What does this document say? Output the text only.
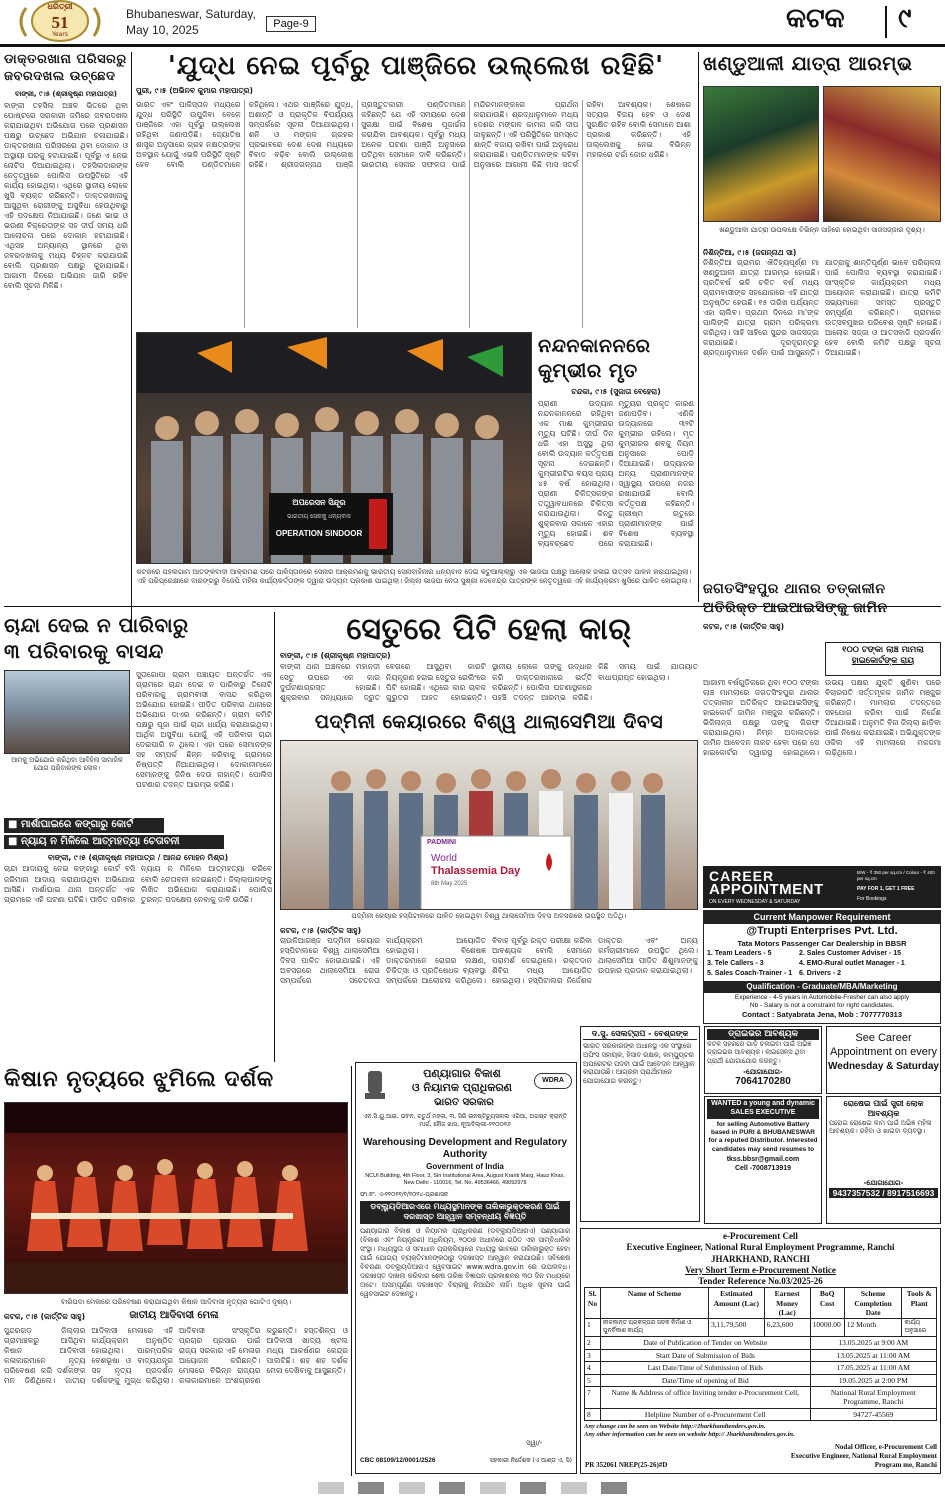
ଧରିତ୍ରୀ
51
Years
Bhubaneswar, Saturday,
May 10, 2025	Page-9	କଟକ ୯
ଡାକ୍ତରଖାନା ପରିସରରୁ ଜବରଦଖଲ ଉଚ୍ଛେଦ
ବାଙ୍କୀ, ୯।୫ (ଶ୍ରୀକୃଷ୍ଣ ମହାପାତ୍ର)
ବାଙ୍କୀ ତହସିଲ ଅଞ୍ଚଳ ଭିତରେ ଥିବା ପୋଷ୍ଟରେ ସରକାରୀ ଜମିରେ ଜବରଦଖଲ କରାଯାଇଥିବା ଅଭିଯୋଗ ପରେ ପ୍ରଶାସନ ପକ୍ଷରୁ ଉଚ୍ଛେଦ ଅଭିଯାନ ଚଳାଯାଇଛି। ଡାକ୍ତରଖାନା ପରିସରରେ ଥିବା ଦୋକାନ ଓ ଅସ୍ଥାୟୀ ଘରକୁ ହଟାଯାଇଛି। ପୂର୍ବରୁ ଏ ନେଇ ନୋଟିସ ଦିଆଯାଇଥିଲା। ତହସିଲଦାରଙ୍କ ନେତୃତ୍ୱରେ ପୋଲିସ ଉପସ୍ଥିତିରେ ଏହି କାର୍ଯ୍ୟ ହୋଇଥିଲା। ଏଥିରେ ସ୍ଥାନୀୟ ଲୋକେ ଖୁସି ବ୍ୟକ୍ତ କରିଛନ୍ତି। ଡାକ୍ତରଖାନାକୁ ଆସୁଥିବା ରୋଗୀଙ୍କୁ ଅସୁବିଧା ହେଉଥିବାରୁ ଏହି ପଦକ୍ଷେପ ନିଆଯାଇଛି। ଜଣେ ଭାଇ ଓ ଭଉଣୀ ବିକ୍ରେତାଙ୍କ ସହ ଦୀର୍ଘ ସମୟ ଧରି ଆଲୋଚନା ପରେ ଦୋକାନ ହଟାଯାଇଛି। ଏଥିସହ ଅନ୍ୟାନ୍ୟ ସ୍ଥାନରେ ଥିବା ଜବରଦଖଲକୁ ମଧ୍ୟ ଚିହ୍ନଟ କରାଯାଉଛି ବୋଲି ପ୍ରଶାସନ ପକ୍ଷରୁ କୁହାଯାଇଛି। ଆଗାମୀ ଦିନରେ ଅଭିଯାନ ଜାରି ରହିବ ବୋଲି ସୂଚନା ମିଳିଛି।
'ଯୁଦ୍ଧ ନେଇ ପୂର୍ବରୁ ପାଞ୍ଜିରେ ଉଲ୍ଲେଖ ରହିଛି'
ପୁରୀ, ୯।୫ (ଅଭିନବ କୁମାର ମହାପାତ୍ର)
ଭାରତ ଏବଂ ପାକିସ୍ତାନ ମଧ୍ୟରେ ଯୁଦ୍ଧ ପରିସ୍ଥିତି ଉପୁଜିବା ବେଳେ ପାଞ୍ଜିରେ ଏହା ପୂର୍ବରୁ ଉଲ୍ଲେଖ ରହିଥିବା ଜଣାପଡ଼ିଛି। ଜ୍ୟୋତିଷ ଶାସ୍ତ୍ର ଅନୁସାରେ ଗ୍ରହ ନକ୍ଷତ୍ରଙ୍କ ଅବସ୍ଥାନ ଯୋଗୁଁ ଏଭଳି ପରିସ୍ଥିତି ସୃଷ୍ଟି ହେବ ବୋଲି ପଣ୍ଡିତମାନେ କହିଥିଲେ। ଏଥର ପାଞ୍ଜିରେ ଯୁଦ୍ଧ, ଅଶାନ୍ତି ଓ ପ୍ରାକୃତିକ ବିପର୍ଯ୍ୟୟ ସମ୍ପର୍କରେ ସୂଚନା ଦିଆଯାଇଥିଲା। ଶନି ଓ ମଙ୍ଗଳ ଗ୍ରହର ପ୍ରଭାବରେ ଦେଶ ଦେଶ ମଧ୍ୟରେ ବିବାଦ ବଢ଼ିବ ବୋଲି ଉଲ୍ଲେଖ ରହିଛି। ଶ୍ରୀଜଗନ୍ନାଥ ପାଞ୍ଜି ପ୍ରସ୍ତୁତକାରୀ ପଣ୍ଡିତମାନେ କହିଛନ୍ତି ଯେ ଏହି ସମୟରେ ଦେଶ ସୁରକ୍ଷା ପାଇଁ ବିଶେଷ ପୂଜାର୍ଚ୍ଚନା କରାଯିବା ଆବଶ୍ୟକ। ପୂର୍ବରୁ ମଧ୍ୟ ଅନେକ ଘଟଣା ପାଞ୍ଜି ଅନୁସାରେ ଘଟିଥିବା ସେମାନେ ଦାବି କରିଛନ୍ତି। ଭାରତୀୟ ସେନାର ସଫଳତା ପାଇଁ ମନ୍ଦିରମାନଙ୍କରେ ପ୍ରାର୍ଥନା କରାଯାଉଛି। ଶ୍ରଦ୍ଧାଳୁମାନେ ମଧ୍ୟ ଦେଶର ମଙ୍ଗଳ କାମନା କରି ଦୀପ ଜାଳୁଛନ୍ତି। ଏହି ପରିସ୍ଥିତିରେ ସମସ୍ତେ ଶାନ୍ତି ବଜାୟ ରଖିବା ପାଇଁ ଅନୁରୋଧ କରାଯାଇଛି। ପଣ୍ଡିତମାନଙ୍କ କହିବା ଅନୁସାରେ ଆଗାମୀ କିଛି ମାସ ସତର୍କ ରହିବା ଆବଶ୍ୟକ। ଶେଷରେ ସତ୍ୟର ବିଜୟ ହେବ ଓ ଦେଶ ସୁରକ୍ଷିତ ରହିବ ବୋଲି ସେମାନେ ଆଶା ପ୍ରକାଶ କରିଛନ୍ତି। ଏହି ଉଲ୍ଲେଖକୁ ନେଇ ବିଭିନ୍ନ ମହଲରେ ଚର୍ଚ୍ଚା ଜୋର ଧରିଛି।
ଅପରେସନ ସିନ୍ଦୂର
ଭାରତୀୟ ସେନାକୁ ଧନ୍ୟବାଦ
OPERATION SINDOOR
କଟକରେ ପହଲଗାମ ଆତଙ୍କବାଦୀ ଆକ୍ରମଣ ପରେ ପାକିସ୍ତାନରେ ସେନାର ଆକ୍ରମଣକୁ ଭାରତୀୟ ସେନାବାହିନୀର ଧନ୍ୟବାଦ ଦେଇ କଟୁଆଲ୍ଲାରୁ ଏକ ଭାଜପା ପକ୍ଷରୁ ଆଲୋକ ଜଳାଇ ଉତ୍ସବ ପାଳନ କରାଯାଇଥିଲା। ଏହି ପରିପ୍ରେକ୍ଷୀରେ ବାରଙ୍ଗରୁ ବିଜେପି ମହିଳା କାର୍ଯ୍ୟକର୍ତ୍ତାଙ୍କ ଦ୍ୱାରା ଉଦ୍ୟମ ପ୍ରକାଶ ପାଇଥିଲା। ଜିଲ୍ଲା ଭାଜପା ନେତା ସୁଶ୍ରୀ ଦେବେନ୍ଦ୍ର ପାତ୍ରଙ୍କ ନେତୃତ୍ୱରେ ଏହି କାର୍ଯ୍ୟକ୍ରମ ଖୁସିରେ ପାଳିତ ହୋଇଥିଲା।
ନନ୍ଦନକାନନରେ
କୁମ୍ଭୀର ମୃତ
ଚନ୍ଦକା, ୯।୫ (ସୁଜାତା ବେହେରା)
ପ୍ରାଣୀ ଉଦ୍ୟାନ ନନ୍ଦନକାନନରେ ରହିଥିବା ଏକ ମାଈ କୁମ୍ଭୀରର ମୃତ୍ୟୁ ଘଟିଛି। ଦୀର୍ଘ ଦିନ ଧରି ଏହା ଅସୁସ୍ଥ ଥିଲା ବୋଲି ଉଦ୍ୟାନ କର୍ତ୍ତୃପକ୍ଷ ସୂଚନା ଦେଇଛନ୍ତି। କୁମ୍ଭୀରଟିର ବୟସ ପ୍ରାୟ ୪୫ ବର୍ଷ ହୋଇଥିଲା। ପ୍ରାଣୀ ଚିକିତ୍ସକଙ୍କ ତତ୍ତ୍ୱାବଧାନରେ ଚିକିତ୍ସା କରାଯାଉଥିଲା। କିନ୍ତୁ ଶୁକ୍ରବାର ସକାଳେ ଏହାର ମୃତ୍ୟୁ ହୋଇଛି। ଶବ ବ୍ୟବଚ୍ଛେଦ ପରେ ମୃତ୍ୟୁର ପ୍ରକୃତ କାରଣ ଜଣାପଡ଼ିବ। ଏଣିକି ଉଦ୍ୟାନରେ ୩୨ଟି କୁମ୍ଭୀର ରହିଲେ। ମୃତ କୁମ୍ଭୀରର ଶବକୁ ନିୟମ ଅନୁସାରେ ପୋଡ଼ି ଦିଆଯାଇଛି। ଉଦ୍ୟାନର ଅନ୍ୟ ପ୍ରାଣୀମାନଙ୍କ ସ୍ୱାସ୍ଥ୍ୟ ଉପରେ ନଜର ରଖାଯାଉଛି ବୋଲି କର୍ତ୍ତୃପକ୍ଷ କହିଛନ୍ତି। ଗ୍ରୀଷ୍ମ ଋତୁରେ ପ୍ରାଣୀମାନଙ୍କ ପାଇଁ ବିଶେଷ ବ୍ୟବସ୍ଥା କରାଯାଇଛି।
ଖଣ୍ଡୁଆଳୀ ଯାତ୍ରା ଆରମ୍ଭ
ଖଣ୍ଡୁଆଳୀ ଯାତ୍ରା ଉପଲକ୍ଷେ ବିଭିନ୍ନ ସାହିରେ ହୋଇଥିବା ସାଜସଜ୍ଜାର ଦୃଶ୍ୟ।
ନିଶିନ୍ତିଆ, ୯।୫ (ଜଗନ୍ନାଥ ସା)
ନିଶିନ୍ତିଆ ଗ୍ରାମର ଐତିହ୍ୟପୂର୍ଣ୍ଣ ମା ଖଣ୍ଡୁଆଳୀ ଯାତ୍ରା ଆରମ୍ଭ ହୋଇଛି। ପ୍ରତିବର୍ଷ ଭଳି ଚଳିତ ବର୍ଷ ମଧ୍ୟ ଗ୍ରାମବାସୀଙ୍କ ସହଯୋଗରେ ଏହି ଯାତ୍ରା ଅନୁଷ୍ଠିତ ହେଉଛି। ୧୫ ତାରିଖ ପର୍ଯ୍ୟନ୍ତ ଏହା ଚାଲିବ। ପ୍ରଥମ ଦିନରେ ମା'ଙ୍କ ପାଲିଙ୍କି ଯାତ୍ରା ଗ୍ରାମ ପରିକ୍ରମା କରିଥିଲା। ସାହି ସାହିରେ ସୁନ୍ଦର ସାଜସଜ୍ଜା କରାଯାଇଛି। ଦୂରଦୂରାନ୍ତରୁ ଶ୍ରଦ୍ଧାଳୁମାନେ ଦର୍ଶନ ପାଇଁ ଆସୁଛନ୍ତି। ଯାତ୍ରାକୁ ଶାନ୍ତିପୂର୍ଣ୍ଣ ଭାବେ ପରିଚାଳନା ପାଇଁ ପୋଲିସ ବ୍ୟବସ୍ଥା କରାଯାଇଛି। ସାଂସ୍କୃତିକ କାର୍ଯ୍ୟକ୍ରମ ମଧ୍ୟ ଆୟୋଜନ କରାଯାଇଛି। ଯାତ୍ରା କମିଟି ସଭ୍ୟମାନେ ସମସ୍ତ ପ୍ରସ୍ତୁତି ସମ୍ପୂର୍ଣ୍ଣ କରିଛନ୍ତି। ଗ୍ରାମରେ ଉତ୍ସବମୁଖର ପରିବେଶ ସୃଷ୍ଟି ହୋଇଛି। ଆଲୋକ ସଜ୍ଜା ଓ ଆତସବାଜି ପ୍ରଦର୍ଶନ ହେବ ବୋଲି କମିଟି ପକ୍ଷରୁ ସୂଚନା ଦିଆଯାଇଛି।
ଜଗତସିଂହପୁର ଥାନାର ତତ୍କାଳୀନ
ଅତିରିକ୍ତ ଆଇଆଇସିଙ୍କୁ ଜାମିନ
କଟକ, ୯।୫ (କାର୍ତ୍ତିକ ସାହୁ)
୧୦୦ ଟଙ୍କା ଲାଞ୍ଚ ମାମଲା
ହାଇକୋର୍ଟଙ୍କ ରାୟ
ଆଗାମୀ ବର୍ଷଗୁଡ଼ିକରେ ଥିବା ୧୦୦ ଟଙ୍କା ଲାଞ୍ଚ ମାମଲାରେ ଜଗତସିଂହପୁର ଥାନାର ତତ୍କାଳୀନ ଅତିରିକ୍ତ ଆଇଆଇସିଙ୍କୁ ହାଇକୋର୍ଟ ଜାମିନ ମଞ୍ଜୁର କରିଛନ୍ତି। ଭିଜିଲାନ୍ସ ପକ୍ଷରୁ ତାଙ୍କୁ ଗିରଫ କରାଯାଇଥିଲା। ନିମ୍ନ ଅଦାଲତରେ ଜାମିନ ଆବେଦନ ନାକଚ ହେବା ପରେ ସେ ହାଇକୋର୍ଟର ଦ୍ୱାରସ୍ଥ ହୋଇଥିଲେ। ଉଭୟ ପକ୍ଷର ଯୁକ୍ତି ଶୁଣିବା ପରେ ବିଚାରପତି ସର୍ତ୍ତମୂଳକ ଜାମିନ ମଞ୍ଜୁର କରିଛନ୍ତି। ମାମଲାର ତଦନ୍ତରେ ସହଯୋଗ କରିବା ପାଇଁ ନିର୍ଦ୍ଦେଶ ଦିଆଯାଇଛି। ଅନୁମତି ବିନା ଜିଲ୍ଲା ଛାଡ଼ିବା ପାଇଁ ନିଷେଧ କରାଯାଇଛି। ଅଭିଯୁକ୍ତଙ୍କ ଓକିଲ ଏହି ମାମଲାରେ ମକଦ୍ଦମା ଲଢ଼ିଥିଲେ।
ଚାନ୍ଦା ଦେଇ ନ ପାରିବାରୁ
୩ ପରିବାରକୁ ବାସନ୍ଦ
ଆମକୁ ଅଭିଯୋଗ କରିଥିବା ଆବିହିଲା ସାମାଜିକ ଯୋଗ ପରିବାରଙ୍କ ଲୋକ।
ସୁତାଗୋପା ଗ୍ରାମ ପଞ୍ଚାୟତ ଅନ୍ତର୍ଗତ ଏକ ଗ୍ରାମରେ ଚାନ୍ଦା ଦେଇ ନ ପାରିବାରୁ ତିନୋଟି ପରିବାରକୁ ଗ୍ରାମବାସୀ ବାସନ୍ଦ କରିଥିବା ଅଭିଯୋଗ ହୋଇଛି। ପୀଡ଼ିତ ପରିବାର ଥାନାରେ ଅଭିଯୋଗ ଦାଏର କରିଛନ୍ତି। ଗ୍ରାମ କମିଟି ପକ୍ଷରୁ ପୂଜା ପାଇଁ ଚାନ୍ଦା ଧାର୍ଯ୍ୟ କରାଯାଇଥିଲା। ଆର୍ଥିକ ଅସୁବିଧା ଯୋଗୁଁ ଏହି ପରିବାର ଚାନ୍ଦା ଦେଇପାରି ନ ଥିଲେ। ଏହା ପରେ ସେମାନଙ୍କ ସହ ସମ୍ପର୍କ ଛିନ୍ନ କରିବାକୁ ଗ୍ରାମରେ ନିଷ୍ପତ୍ତି ନିଆଯାଇଥିଲା। ଦୋକାନୀମାନେ ସେମାନଙ୍କୁ ଜିନିଷ ଦେଉ ନାହାନ୍ତି। ପୋଲିସ ଘଟଣାର ତଦନ୍ତ ଆରମ୍ଭ କରିଛି।
■ ମାର୍ଶାଘାଇରେ କଙ୍ଗାରୁ କୋର୍ଟ
■ ନ୍ୟାୟ ନ ମିଳିଲେ ଆତ୍ମହତ୍ୟା ଚେତାବନୀ
ବାଙ୍କୀ, ୯।୫ (ଶ୍ରୀକୃଷ୍ଣ ମହାପାତ୍ର / ଆନନ୍ଦ ମୋହନ ମିଶ୍ର)
ଚାନ୍ଦା ଆଦାୟକୁ ନେଇ କଙ୍ଗାରୁ କୋର୍ଟ ବସି ଜରିମାନା ଆଦାୟ କରାଯାଉଥିବା ଅଭିଯୋଗ ଆସିଛି। ମାର୍ଶାଘାଇ ଥାନା ଅନ୍ତର୍ଗତ ଏକ ଗ୍ରାମରେ ଏହି ଘଟଣା ଘଟିଛି। ପୀଡ଼ିତ ପରିବାର ନ୍ୟାୟ ନ ମିଳିଲେ ଆତ୍ମହତ୍ୟା କରିବେ ବୋଲି ଚେତାବନୀ ଦେଇଛନ୍ତି। ଜିଲ୍ଲାପାଳଙ୍କୁ ଲିଖିତ ଅଭିଯୋଗ କରାଯାଇଛି। ପୋଲିସ ତୁରନ୍ତ ପଦକ୍ଷେପ ନେବାକୁ ଦାବି ଉଠିଛି।
ସେତୁରେ ପିଟି ହେଲା କାର୍
ବାଙ୍କୀ, ୯।୫ (ଶ୍ରୀକୃଷ୍ଣ ମହାପାତ୍ର)
ବାଙ୍କୀ ଥାନା ଅଞ୍ଚଳରେ ମହାନଦୀ ସେତୁ ଉପରେ ଏକ କାର ଦୁର୍ଘଟଣାଗ୍ରସ୍ତ ହୋଇଛି। ଶୁକ୍ରବାର ସନ୍ଧ୍ୟାରେ ଦ୍ରୁତ ବେଗରେ ଆସୁଥିବା କାରଟି ନିୟନ୍ତ୍ରଣ ହରାଇ ସେତୁର ରେଲିଂରେ ପିଟି ହୋଇଛି। ଏଥିରେ କାର ଚାଳକ ଗୁରୁତର ଆହତ ହୋଇଛନ୍ତି। ସ୍ଥାନୀୟ ଲୋକେ ତାଙ୍କୁ ଉଦ୍ଧାର କରି ଡାକ୍ତରଖାନାରେ ଭର୍ତ୍ତି କରିଛନ୍ତି। ପୋଲିସ ଘଟଣାସ୍ଥଳରେ ପହଞ୍ଚି ତଦନ୍ତ ଆରମ୍ଭ କରିଛି। କିଛି ସମୟ ପାଇଁ ଯାତାୟାତ ବାଧାପ୍ରାପ୍ତ ହୋଇଥିଲା।
ପଦ୍ମିନୀ କେୟାରରେ ବିଶ୍ୱ ଥାଲାସେମିଆ ଦିବସ
PADMINI
World
Thalassemia Day
8th May 2025
ପଦ୍ମିନୀ କେୟାର ହସ୍ପିଟାଲରେ ପାଳିତ ହୋଇଥିବା ବିଶ୍ୱ ଥାଲାସେମିଆ ଦିବସ ଅବସରରେ ଉପସ୍ଥିତ ଅତିଥି।
କଟକ, ୯।୫ (କାର୍ତ୍ତିକ ସାହୁ)
ଚାଉଳିଆଗଞ୍ଜ ପଦ୍ମିନୀ କେୟାର ହସ୍ପିଟାଲରେ ବିଶ୍ୱ ଥାଲାସେମିଆ ଦିବସ ପାଳିତ ହୋଇଯାଇଛି। ଏହି ଅବସରରେ ଥାଲାସେମିଆ ରୋଗ ସମ୍ପର୍କରେ ସଚେତନତା କାର୍ଯ୍ୟକ୍ରମ ଆୟୋଜିତ ହୋଇଥିଲା। ବିଶେଷଜ୍ଞ ଡାକ୍ତରମାନେ ରୋଗର ଲକ୍ଷଣ, ଚିକିତ୍ସା ଓ ପ୍ରତିଷେଧକ ବ୍ୟବସ୍ଥା ସମ୍ପର୍କରେ ଆଲୋଚନା କରିଥିଲେ। ବିବାହ ପୂର୍ବରୁ ରକ୍ତ ପରୀକ୍ଷା କରିବା ଆବଶ୍ୟକ ବୋଲି ସେମାନେ ପରାମର୍ଶ ଦେଇଥିଲେ। ରକ୍ତଦାନ ଶିବିର ମଧ୍ୟ ଆୟୋଜିତ ହୋଇଥିଲା। ହସ୍ପିଟାଲର ନିର୍ଦ୍ଦେଶକ ଡାକ୍ତର ଏବଂ ଅନ୍ୟ କର୍ମଚାରୀମାନେ ଉପସ୍ଥିତ ଥିଲେ। ଥାଲାସେମିଆ ପୀଡ଼ିତ ଶିଶୁମାନଙ୍କୁ ଉପହାର ପ୍ରଦାନ କରାଯାଇଥିଲା।
CAREER
APPOINTMENT
ON EVERY WEDNESDAY & SATURDAY
B/W - ₹ 350 per sq.cm / Colour - ₹ 400 per sq.cm
PAY FOR 1, GET 1 FREE
For Bookings
Current Manpower Requirement
@Trupti Enterprises Pvt. Ltd.
Tata Motors Passenger Car Dealership in BBSR
1. Team Leaders - 5	2. Sales Customer Adviser - 15
3. Tele Callers - 3	4. EMO-Rural outlet Manager - 1
5. Sales Coach-Trainer - 1 6. Drivers - 2
Qualification - Graduate/MBA/Marketing
Experience - 4-5 years in Automobile-Fresher can also apply
Nb - Salary is not a constraint for right candidates.
Contact : Satyabrata Jena, Mob : 7077770313
ଦ.ସୁ. ସେଲଟ୍ରାପ - ବେଶ୍ରଙ୍କ
ଭାରତ ସରକାରଙ୍କ ଅଧୀନସ୍ଥ ଏକ ସଂସ୍ଥାରେ ଅଫିସ ସହାୟକ, ହିସାବ ରକ୍ଷକ, କମ୍ପ୍ୟୁଟର ଅପରେଟର ପଦବୀ ପାଇଁ ଆବେଦନ ଆହ୍ୱାନ କରାଯାଉଛି। ଆଗ୍ରହୀ ପ୍ରାର୍ଥୀମାନେ ଯୋଗାଯୋଗ କରନ୍ତୁ।
ଡ୍ରାଇଭର ଆବଶ୍ୟକ
କଟକ ସହରରେ ଗାଡ଼ି ଚଳାଇବା ପାଇଁ ଅଭିଜ୍ଞ ଡ୍ରାଇଭର ଆବଶ୍ୟକ। ଲାଇସେନ୍ସ ଥିବା ପ୍ରାର୍ଥୀ ଯୋଗାଯୋଗ କରନ୍ତୁ।
-ଯୋଗାଯୋଗ-
7064170280
See Career Appointment on every
Wednesday & Saturday
WANTED a young and dynamic SALES EXECUTIVE
for selling Automotive Battery based in PURI & BHUBANESWAR for a reputed Distributor. Interested candidates may send resumes to
tkss.bbsr@gmail.com
Cell -7008713919
ରୋଷେଇ ପାଇଁ ସ୍ତ୍ରୀ ଲୋକ ଆବଶ୍ୟକ
ଘରୋଇ ରୋଷେଇ କାମ ପାଇଁ ଅଭିଜ୍ଞ ମହିଳା ଆବଶ୍ୟକ। ରହିବା ଓ ଖାଇବା ବ୍ୟବସ୍ଥା।
-ଯୋଗାଯୋଗ-
9437357532 / 8917516693
କିଷାନ ନୃତ୍ୟରେ ଝୁମିଲେ ଦର୍ଶକ
ବାରିପଦା ମେଳାରେ ପରିବେଷଣ କରାଯାଇଥିବା କିଷାନ ଆଦିବାସୀ ନୃତ୍ୟର ଗୋଟିଏ ଦୃଶ୍ୟ।
କଟକ, ୯।୫ (କାର୍ତ୍ତିକ ସାହୁ)	ଜାତୀୟ ଆଦିବାସୀ ମେଳା
ସୁନ୍ଦରଗଡ଼ ଜିଲ୍ଲାର ଗ୍ରାମାଞ୍ଚଳରୁ ଆସିଥିବା କିଷାନ ଆଦିବାସୀ କଳାକାରମାନେ ନୃତ୍ୟ ପରିବେଷଣ କରି ଦର୍ଶକଙ୍କ ମନ ଜିଣିଥିଲେ। ଜାତୀୟ ଆଦିବାସୀ ମେଳାରେ ଏହି କାର୍ଯ୍ୟକ୍ରମ ଅନୁଷ୍ଠିତ ହୋଇଥିଲା। ପାରମ୍ପରିକ ବେଶଭୂଷା ଓ ବାଦ୍ୟଯନ୍ତ୍ର ସହ ନୃତ୍ୟ ପ୍ରଦର୍ଶନ ଦର୍ଶକଙ୍କୁ ମୁଗ୍ଧ କରିଥିଲା। ଆଦିବାସୀ ସଂସ୍କୃତିର ପ୍ରଚାର ପ୍ରସାର ପାଇଁ ରାଜ୍ୟ ସରକାର ଏହି ମେଳାର ଆୟୋଜନ କରିଛନ୍ତି। ମେଳାରେ ବିଭିନ୍ନ ରାଜ୍ୟର କଳାକାରମାନେ ଅଂଶଗ୍ରହଣ କରୁଛନ୍ତି। ହସ୍ତଶିଳ୍ପ ଓ ଆଦିବାସୀ ଖାଦ୍ୟ ଷ୍ଟଲ ମଧ୍ୟ ଆକର୍ଷଣର କେନ୍ଦ୍ର ପାଲଟିଛି। ଶହ ଶହ ଦର୍ଶକ ମେଳା ଦେଖିବାକୁ ଆସୁଛନ୍ତି।
WDRA
ପଣ୍ୟାଗାର ବିକାଶ
ଓ ନିୟାମକ ପ୍ରାଧିକରଣ
ଭାରତ ସରକାର
ଏନ.ସି.ୟୁ.ଆଇ. ଭବନ, ଚତୁର୍ଥ ମହଲା, ୩, ସିରି ଇନଷ୍ଟିଚ୍ୟୁସନାଲ ଏରିଆ, ଅଗଷ୍ଟ କ୍ରାନ୍ତି ମାର୍ଗ, ହୌଜ ଖାସ, ନୂଆଦିଲ୍ଲୀ-୧୧୦୦୧୬
Warehousing Development and Regulatory Authority
Government of India
NCUI Building, 4th Floor, 3, Siri Institutional Area, August Kranti Marg, Hauz Khas, New Delhi - 110016, Tel. No. 49536466, 49092978
ଫା.ନଂ. ଏ-୧୧୦୧୧/୧/୨୦୨୪-ପ୍ରଶାସନ
ଡବ୍ଲ୍ୟୁଡିଆରଏରେ ମଧ୍ୟସ୍ଥମାନଙ୍କ ତାଲିକାଭୁକ୍ତକରଣ ପାଇଁ ଦରଖାସ୍ତ ଆହ୍ୱାନ ସମ୍ବନ୍ଧୀୟ ବିଜ୍ଞପ୍ତି
ପଣ୍ୟାଗାର ବିକାଶ ଓ ନିୟାମକ ପ୍ରାଧିକରଣ (ଡବ୍ଲ୍ୟୁଡିଆରଏ) ପଣ୍ୟାଗାର (ବିକାଶ ଏବଂ ନିୟନ୍ତ୍ରଣ) ଅଧିନିୟମ, ୨୦୦୭ ଅଧୀନରେ ଗଠିତ ଏକ ସାମ୍ବିଧାନିକ ସଂସ୍ଥା। ମଧ୍ୟସ୍ଥତା ଓ ସମାଧାନ ପ୍ରକ୍ରିୟାରେ ମଧ୍ୟସ୍ଥ ଭାବରେ ତାଲିକାଭୁକ୍ତ ହେବା ପାଇଁ ଯୋଗ୍ୟ ବ୍ୟକ୍ତିମାନଙ୍କଠାରୁ ଦରଖାସ୍ତ ଆହ୍ୱାନ କରାଯାଉଛି। ସବିଶେଷ ବିବରଣୀ ଡବ୍ଲ୍ୟୁଡିଆରଏ ୱେବସାଇଟ www.wdra.gov.in ରେ ଉପଲବ୍ଧ। ଦରଖାସ୍ତ ଦାଖଲ କରିବାର ଶେଷ ତାରିଖ ବିଜ୍ଞାପନ ପ୍ରକାଶନର ୩୦ ଦିନ ମଧ୍ୟରେ ଅଟେ। ଅସମ୍ପୂର୍ଣ୍ଣ ଦରଖାସ୍ତ ବିଚାରକୁ ନିଆଯିବ ନାହିଁ। ଅଧିକ ସୂଚନା ପାଇଁ ୱେବସାଇଟ ଦେଖନ୍ତୁ।
ସ୍ୱା/-
CBC 08109/12/0001/2526	ସହକାରୀ ନିର୍ଦ୍ଦେଶକ (ଏ ଆଣ୍ଡ ଏ, ସି)
e-Procurement Cell
Executive Engineer, National Rural Employment Programme, Ranchi
JHARKHAND, RANCHI
Very Short Term e-Procurement Notice
Tender Reference No.03/2025-26
Sl. No	Name of Scheme	Estimated Amount (Lac)	Earnest Money (Lac)	BoQ Cost	Scheme Completion Date	Tools & Plant
1	ନୀଳକାନ୍ତ ପ୍ରକଳ୍ପର ସଡ଼କ ନିର୍ମାଣ ଓ ପୁନର୍ବିକାଶ କାର୍ଯ୍ୟ	3,11,79,500	6,23,600	10000.00	12 Month	କାର୍ଯ୍ୟ ଅନୁସାରେ
2	Date of Publication of Tender on Website			13.05.2025 at 9:00 AM		
3	Start Date of Submission of Bids			13.05.2025 at 11:00 AM		
4	Last Date/Time of Submission of Bids			17.05.2025 at 11:00 AM		
5	Date/Time of opening of Bid			19.05.2025 at 2:00 PM		
7	Name & Address of office Inviting tender e-Procurement Cell,			National Rural Employment Programme, Ranchi		
8	Helpline Number of e-Procurement Cell			94727-45569		
Any change can be seen on Website http://Jharkhandtenders.gov.in.
Any other information can be seen on website http:// Jharkhandtenders.gov.in.
Nodal Officer, e-Procurement Cell
Executive Engineer, National Rural Employment
Program me, Ranchi
PR 352061 NREP(25-26)#D
